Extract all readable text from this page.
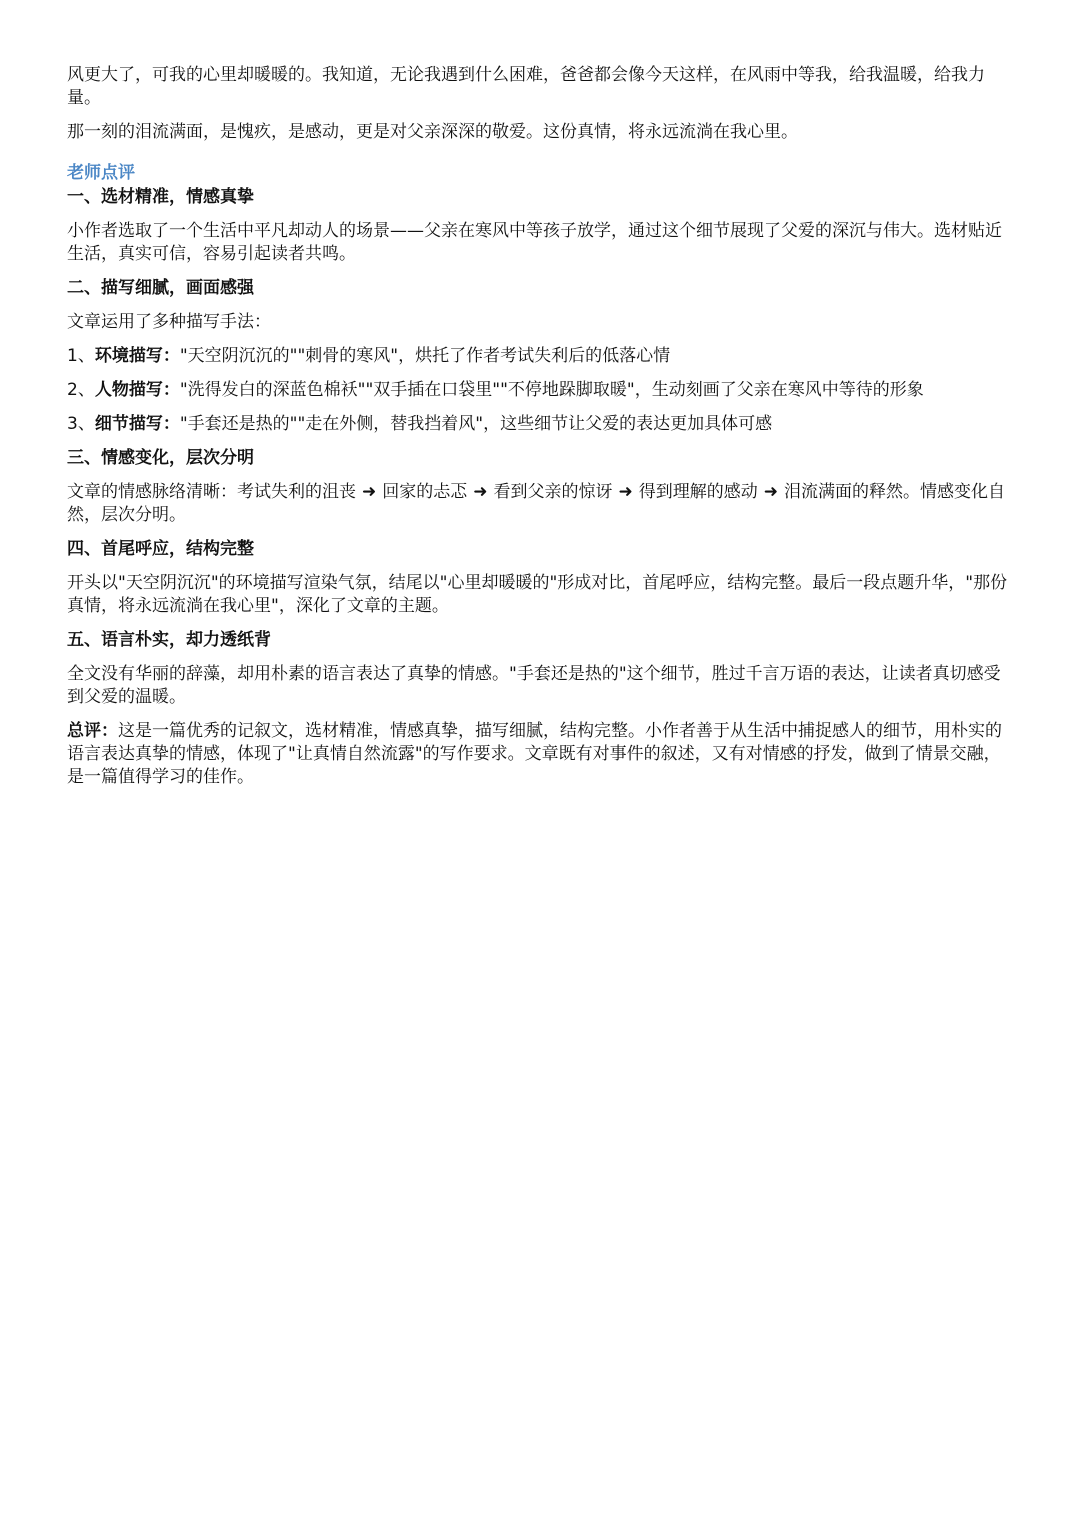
风更大了，可我的心里却暖暖的。我知道，无论我遇到什么困难，爸爸都会像今天这样，在风雨中等我，给我温暖，给我力量。

那一刻的泪流满面，是愧疚，是感动，更是对父亲深深的敬爱。这份真情，将永远流淌在我心里。

老师点评
一、选材精准，情感真挚

小作者选取了一个生活中平凡却动人的场景——父亲在寒风中等孩子放学，通过这个细节展现了父爱的深沉与伟大。选材贴近生活，真实可信，容易引起读者共鸣。

二、描写细腻，画面感强

文章运用了多种描写手法：

1、环境描写："天空阴沉沉的""刺骨的寒风"，烘托了作者考试失利后的低落心情

2、人物描写："洗得发白的深蓝色棉袄""双手插在口袋里""不停地跺脚取暖"，生动刻画了父亲在寒风中等待的形象

3、细节描写："手套还是热的""走在外侧，替我挡着风"，这些细节让父爱的表达更加具体可感

三、情感变化，层次分明

文章的情感脉络清晰：考试失利的沮丧 ➜ 回家的忐忑 ➜ 看到父亲的惊讶 ➜ 得到理解的感动 ➜ 泪流满面的释然。情感变化自然，层次分明。

四、首尾呼应，结构完整

开头以"天空阴沉沉"的环境描写渲染气氛，结尾以"心里却暖暖的"形成对比，首尾呼应，结构完整。最后一段点题升华，"那份真情，将永远流淌在我心里"，深化了文章的主题。

五、语言朴实，却力透纸背

全文没有华丽的辞藻，却用朴素的语言表达了真挚的情感。"手套还是热的"这个细节，胜过千言万语的表达，让读者真切感受到父爱的温暖。

总评：这是一篇优秀的记叙文，选材精准，情感真挚，描写细腻，结构完整。小作者善于从生活中捕捉感人的细节，用朴实的语言表达真挚的情感，体现了"让真情自然流露"的写作要求。文章既有对事件的叙述，又有对情感的抒发，做到了情景交融，是一篇值得学习的佳作。
